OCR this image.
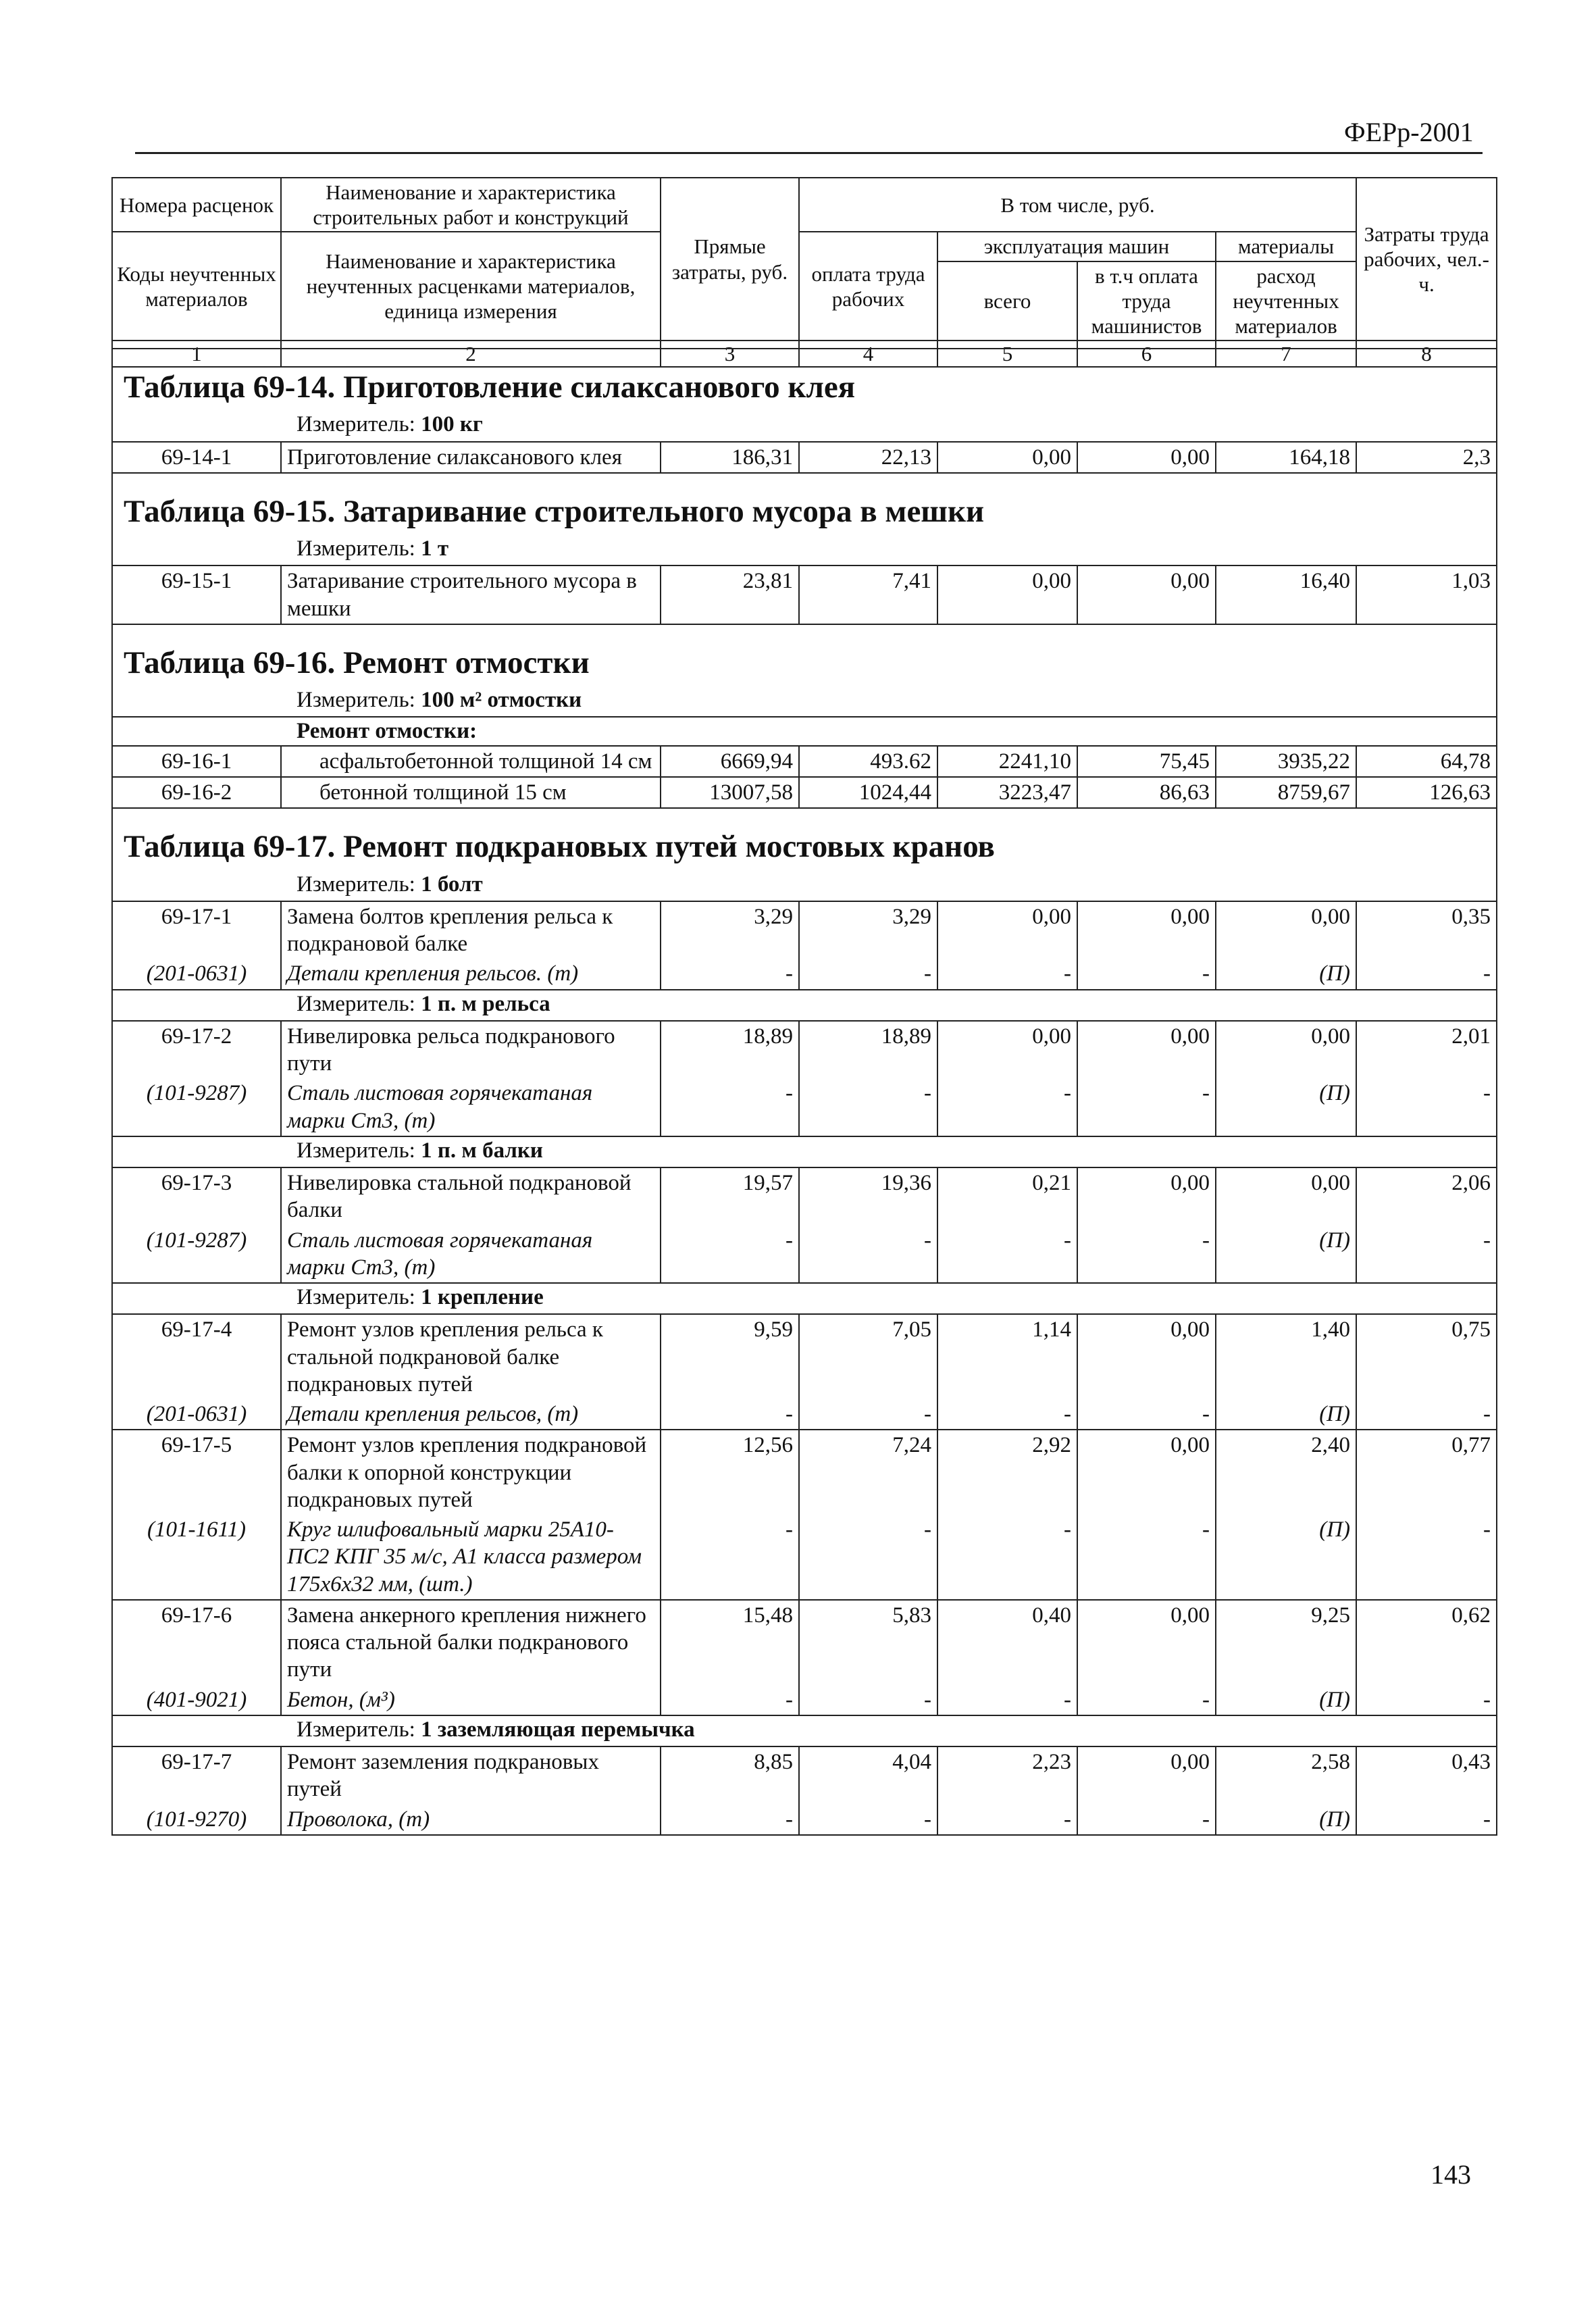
ФЕРр-2001
Номера расценок	Наименование и характеристика строительных работ и конструкций	Прямые затраты, руб.	В том числе, руб.				Затраты труда рабочих, чел.-ч.
Коды неучтенных материалов	Наименование и характеристика неучтенных расценками материалов, единица измерения		оплата труда рабочих	эксплуатация машин		материалы	
				всего	в т.ч оплата труда машинистов	расход неучтенных материалов	
1	2	3	4	5	6	7	8
Таблица 69-14. Приготовление силаксанового клея							
Измеритель: 100 кг							
69-14-1	Приготовление силаксанового клея	186,31	22,13	0,00	0,00	164,18	2,3
Таблица 69-15. Затаривание строительного мусора в мешки							
Измеритель: 1 т							
69-15-1	Затаривание строительного мусора в мешки	23,81	7,41	0,00	0,00	16,40	1,03
Таблица 69-16. Ремонт отмостки							
Измеритель: 100 м² отмостки							
Ремонт отмостки:							
69-16-1	асфальтобетонной толщиной 14 см	6669,94	493.62	2241,10	75,45	3935,22	64,78
69-16-2	бетонной толщиной 15 см	13007,58	1024,44	3223,47	86,63	8759,67	126,63
Таблица 69-17. Ремонт подкрановых путей мостовых кранов							
Измеритель: 1 болт							
69-17-1	Замена болтов крепления рельса к подкрановой балке	3,29	3,29	0,00	0,00	0,00	0,35
(201-0631)	Детали крепления рельсов. (т)	-	-	-	-	(П)	-
Измеритель: 1 п. м рельса							
69-17-2	Нивелировка рельса подкранового пути	18,89	18,89	0,00	0,00	0,00	2,01
(101-9287)	Сталь листовая горячекатаная марки Ст3, (т)	-	-	-	-	(П)	-
Измеритель: 1 п. м балки							
69-17-3	Нивелировка стальной подкрановой балки	19,57	19,36	0,21	0,00	0,00	2,06
(101-9287)	Сталь листовая горячекатаная марки Ст3, (т)	-	-	-	-	(П)	-
Измеритель: 1 крепление							
69-17-4	Ремонт узлов крепления рельса к стальной подкрановой балке подкрановых путей	9,59	7,05	1,14	0,00	1,40	0,75
(201-0631)	Детали крепления рельсов, (т)	-	-	-	-	(П)	-
69-17-5	Ремонт узлов крепления подкрановой балки к опорной конструкции подкрановых путей	12,56	7,24	2,92	0,00	2,40	0,77
(101-1611)	Круг шлифовальный марки 25А10-ПС2 КПГ 35 м/с, А1 класса размером 175х6х32 мм, (шт.)	-	-	-	-	(П)	-
69-17-6	Замена анкерного крепления нижнего пояса стальной балки подкранового пути	15,48	5,83	0,40	0,00	9,25	0,62
(401-9021)	Бетон, (м³)	-	-	-	-	(П)	-
Измеритель: 1 заземляющая перемычка							
69-17-7	Ремонт заземления подкрановых путей	8,85	4,04	2,23	0,00	2,58	0,43
(101-9270)	Проволока, (т)	-	-	-	-	(П)	-
143
